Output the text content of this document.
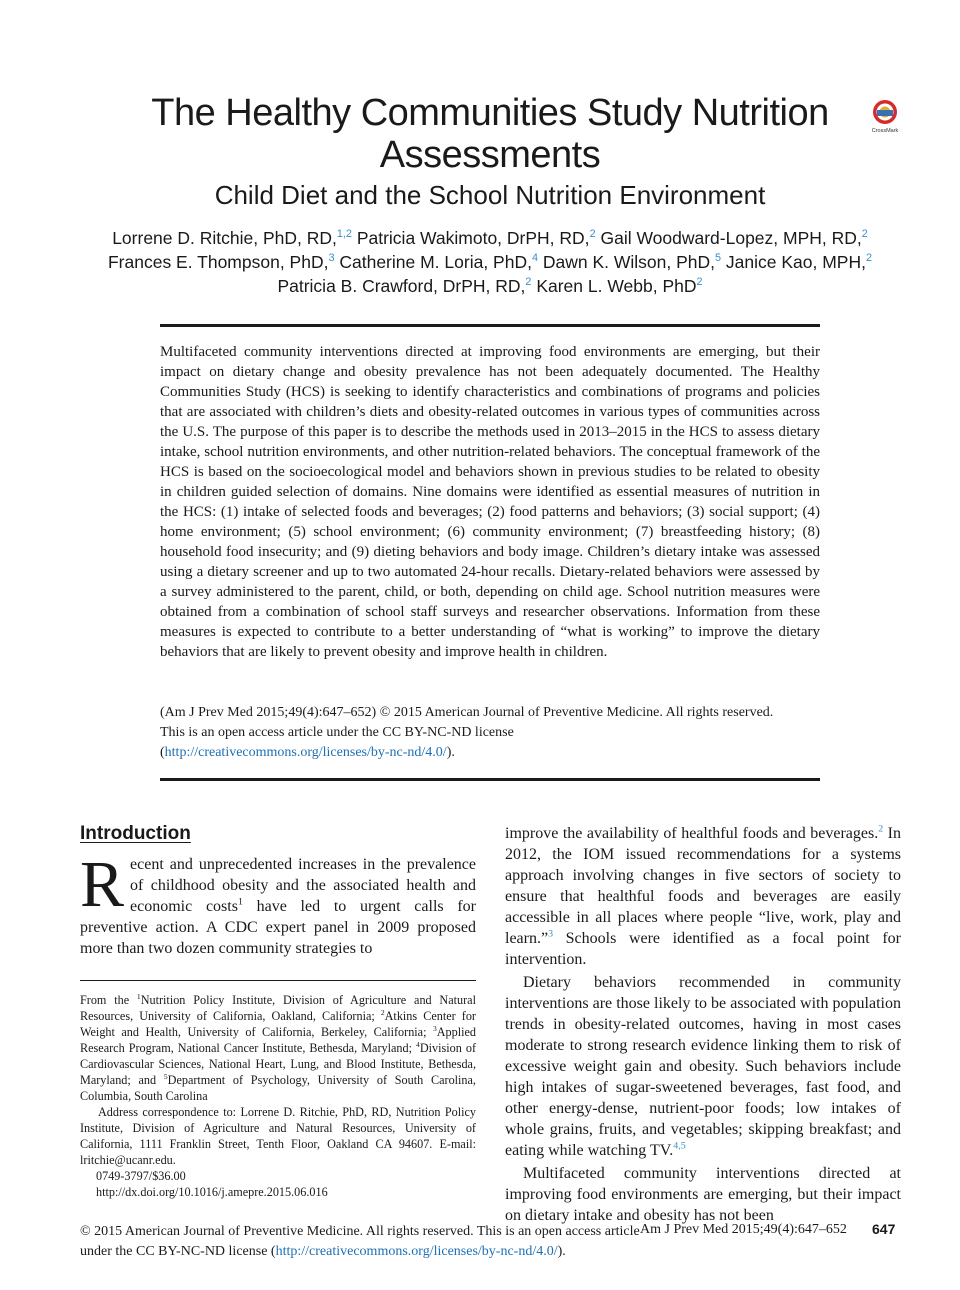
The Healthy Communities Study Nutrition Assessments
CrossMark
Child Diet and the School Nutrition Environment
Lorrene D. Ritchie, PhD, RD,$^{1,2}$ Patricia Wakimoto, DrPH, RD,$^2$ Gail Woodward-Lopez, MPH, RD,$^2$
Frances E. Thompson, PhD,$^3$ Catherine M. Loria, PhD,$^4$ Dawn K. Wilson, PhD,$^5$ Janice Kao, MPH,$^2$
Patricia B. Crawford, DrPH, RD,$^2$ Karen L. Webb, PhD$^2$

Multifaceted community interventions directed at improving food environments are emerging, but their impact on dietary change and obesity prevalence has not been adequately documented. The Healthy Communities Study (HCS) is seeking to identify characteristics and combinations of programs and policies that are associated with children’s diets and obesity-related outcomes in various types of communities across the U.S. The purpose of this paper is to describe the methods used in 2013–2015 in the HCS to assess dietary intake, school nutrition environments, and other nutrition-related behaviors. The conceptual framework of the HCS is based on the socioecological model and behaviors shown in previous studies to be related to obesity in children guided selection of domains. Nine domains were identified as essential measures of nutrition in the HCS: (1) intake of selected foods and beverages; (2) food patterns and behaviors; (3) social support; (4) home environment; (5) school environment; (6) community environment; (7) breastfeeding history; (8) household food insecurity; and (9) dieting behaviors and body image. Children’s dietary intake was assessed using a dietary screener and up to two automated 24-hour recalls. Dietary-related behaviors were assessed by a survey administered to the parent, child, or both, depending on child age. School nutrition measures were obtained from a combination of school staff surveys and researcher observations. Information from these measures is expected to contribute to a better understanding of “what is working” to improve the dietary behaviors that are likely to prevent obesity and improve health in children.

(Am J Prev Med 2015;49(4):647–652) © 2015 American Journal of Preventive Medicine. All rights reserved.
This is an open access article under the CC BY-NC-ND license
(http://creativecommons.org/licenses/by-nc-nd/4.0/).
Introduction

Recent and unprecedented increases in the prevalence of childhood obesity and the associated health and economic costs$^1$ have led to urgent calls for preventive action. A CDC expert panel in 2009 proposed more than two dozen community strategies to

From the $^1$Nutrition Policy Institute, Division of Agriculture and Natural Resources, University of California, Oakland, California; $^2$Atkins Center for Weight and Health, University of California, Berkeley, California; $^3$Applied Research Program, National Cancer Institute, Bethesda, Maryland; $^4$Division of Cardiovascular Sciences, National Heart, Lung, and Blood Institute, Bethesda, Maryland; and $^5$Department of Psychology, University of South Carolina, Columbia, South Carolina

Address correspondence to: Lorrene D. Ritchie, PhD, RD, Nutrition Policy Institute, Division of Agriculture and Natural Resources, University of California, 1111 Franklin Street, Tenth Floor, Oakland CA 94607. E-mail: lritchie@ucanr.edu.

0749-3797/$36.00

http://dx.doi.org/10.1016/j.amepre.2015.06.016

improve the availability of healthful foods and beverages.$^2$ In 2012, the IOM issued recommendations for a systems approach involving changes in five sectors of society to ensure that healthful foods and beverages are easily accessible in all places where people “live, work, play and learn.”$^3$ Schools were identified as a focal point for intervention.

Dietary behaviors recommended in community interventions are those likely to be associated with population trends in obesity-related outcomes, having in most cases moderate to strong research evidence linking them to risk of excessive weight gain and obesity. Such behaviors include high intakes of sugar-sweetened beverages, fast food, and other energy-dense, nutrient-poor foods; low intakes of whole grains, fruits, and vegetables; skipping breakfast; and eating while watching TV.$^{4,5}$

Multifaceted community interventions directed at improving food environments are emerging, but their impact on dietary intake and obesity has not been

© 2015 American Journal of Preventive Medicine. All rights reserved. This is an open access article under the CC BY-NC-ND license (http://creativecommons.org/licenses/by-nc-nd/4.0/).
Am J Prev Med 2015;49(4):647–652 647
